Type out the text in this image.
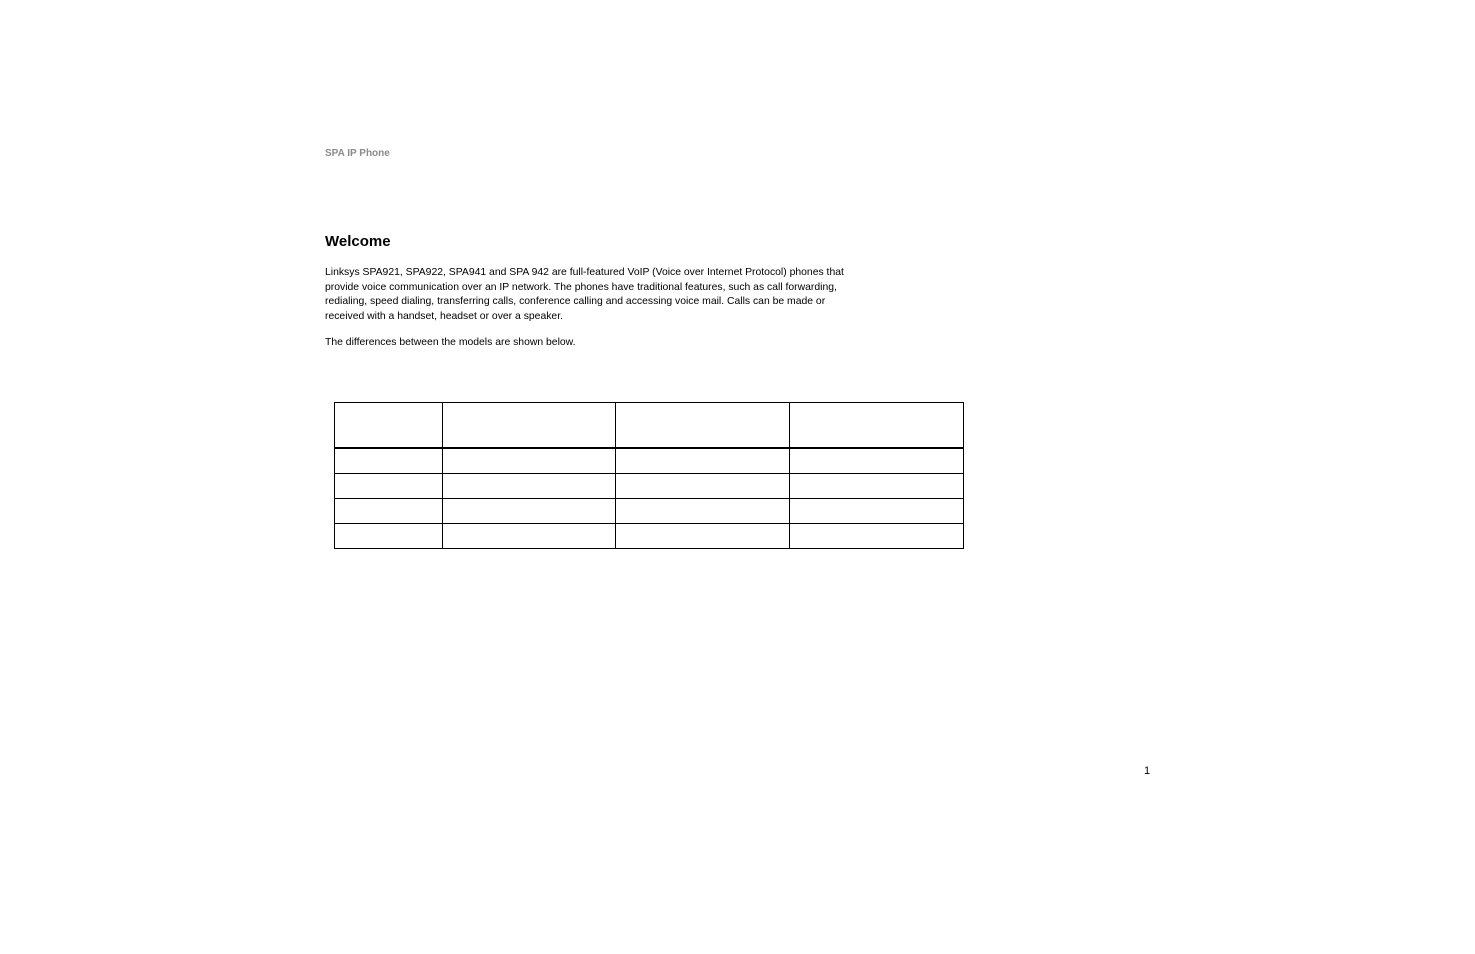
SPA IP Phone
Welcome

Linksys SPA921, SPA922, SPA941 and SPA 942 are full-featured VoIP (Voice over Internet Protocol) phones that provide voice communication over an IP network. The phones have traditional features, such as call forwarding, redialing, speed dialing, transferring calls, conference calling and accessing voice mail. Calls can be made or received with a handset, headset or over a speaker.

The differences between the models are shown below.

1
